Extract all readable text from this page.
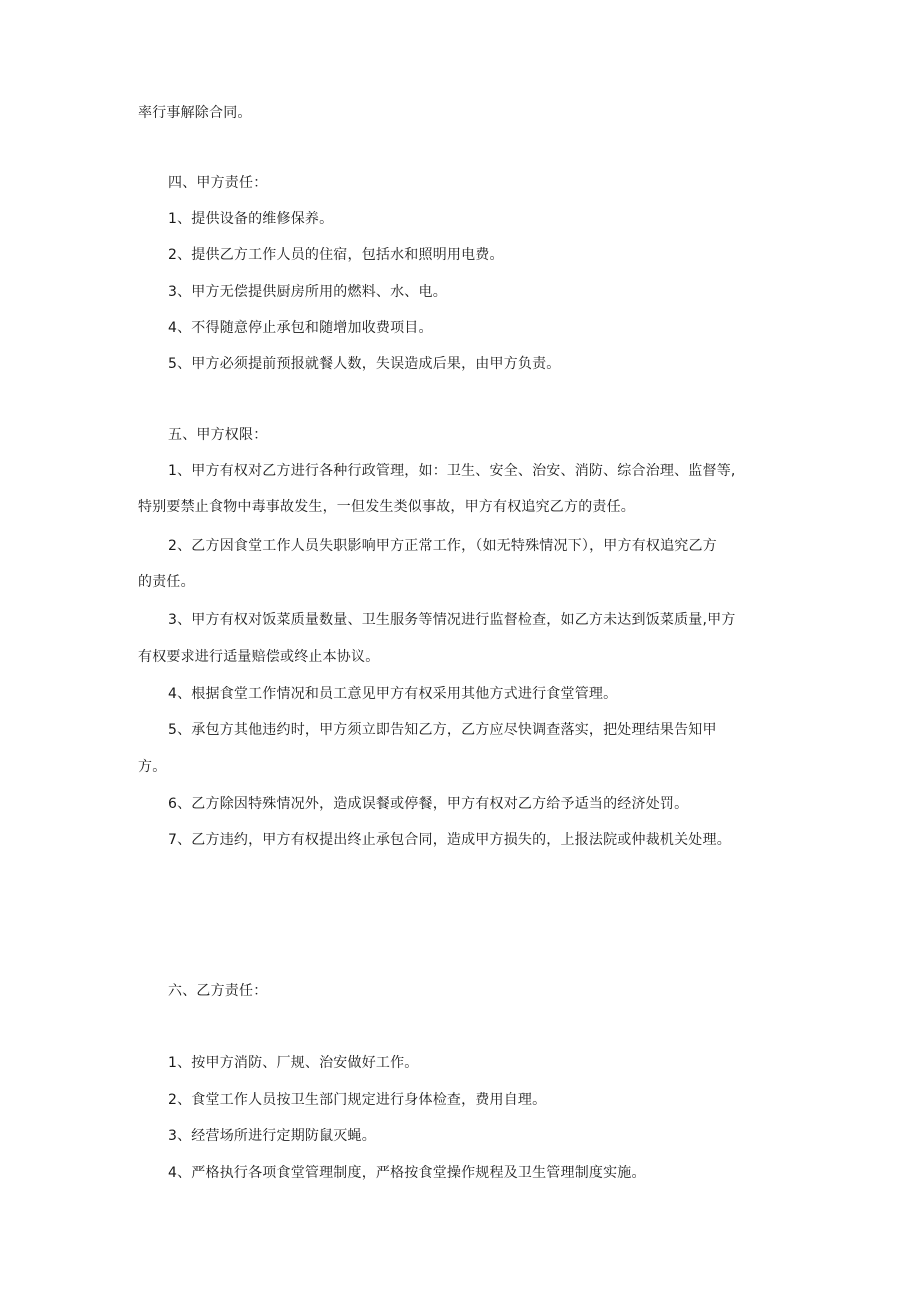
率行事解除合同。
四、甲方责任：
1、提供设备的维修保养。
2、提供乙方工作人员的住宿，包括水和照明用电费。
3、甲方无偿提供厨房所用的燃料、水、电。
4、不得随意停止承包和随增加收费项目。
5、甲方必须提前预报就餐人数，失误造成后果，由甲方负责。
五、甲方权限：
1、甲方有权对乙方进行各种行政管理，如：卫生、安全、治安、消防、综合治理、监督等,
特别要禁止食物中毒事故发生，一但发生类似事故，甲方有权追究乙方的责任。
2、乙方因食堂工作人员失职影响甲方正常工作，（如无特殊情况下），甲方有权追究乙方
的责任。
3、甲方有权对饭菜质量数量、卫生服务等情况进行监督检查，如乙方未达到饭菜质量,甲方
有权要求进行适量赔偿或终止本协议。
4、根据食堂工作情况和员工意见甲方有权采用其他方式进行食堂管理。
5、承包方其他违约时，甲方须立即告知乙方，乙方应尽快调查落实，把处理结果告知甲
方。
6、乙方除因特殊情况外，造成误餐或停餐，甲方有权对乙方给予适当的经济处罚。
7、乙方违约，甲方有权提出终止承包合同，造成甲方损失的，上报法院或仲裁机关处理。
六、乙方责任：
1、按甲方消防、厂规、治安做好工作。
2、食堂工作人员按卫生部门规定进行身体检查，费用自理。
3、经营场所进行定期防鼠灭蝇。
4、严格执行各项食堂管理制度，严格按食堂操作规程及卫生管理制度实施。
